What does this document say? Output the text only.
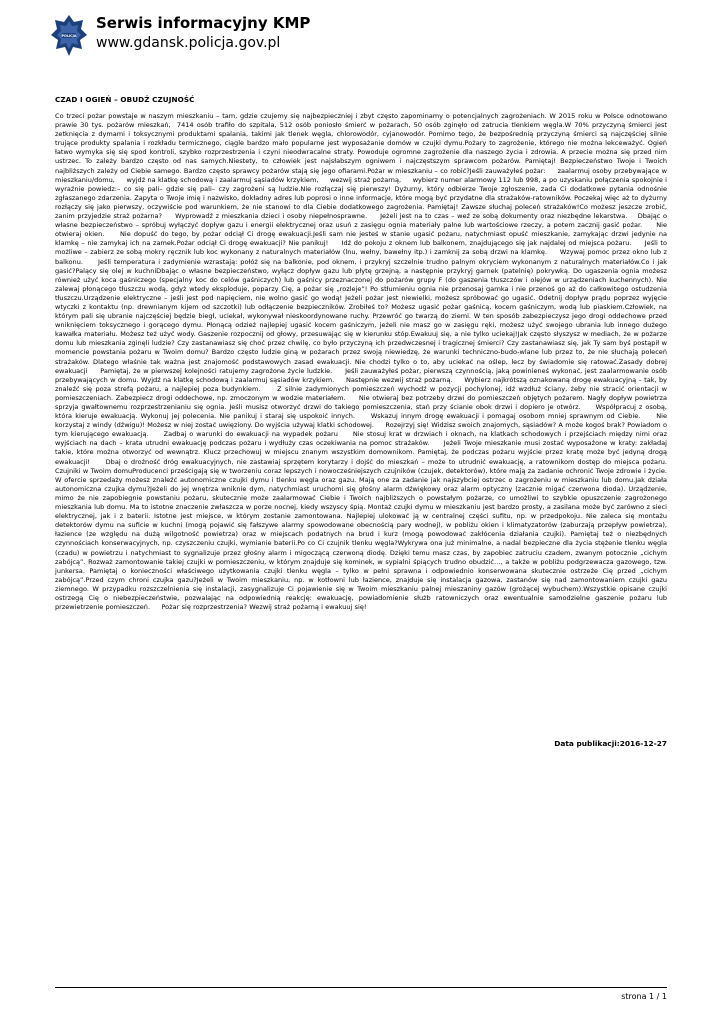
POLICJA
Serwis informacyjny KMP
www.gdansk.policja.gov.pl
CZAD I OGIEŃ – OBUDŹ CZUJNOŚĆ
Co trzeci pożar powstaje w naszym mieszkaniu – tam, gdzie czujemy się najbezpieczniej i zbyt często zapominamy o potencjalnych zagrożeniach. W 2015 roku w Polsce odnotowano prawie 30 tys. pożarów mieszkań,  7414 osób trafiło do szpitala, 512 osób poniosło śmierć w pożarach, 50 osób zginęło od zatrucia tlenkiem węgla.W 70% przyczyną śmierci jest zetknięcia z dymami i toksycznymi produktami spalania, takimi jak tlenek węgla, chlorowodór, cyjanowodór. Pomimo tego, że bezpośrednią przyczyną śmierci są najczęściej silnie trujące produkty spalania i rozkładu termicznego, ciągle bardzo mało popularne jest wyposażanie domów w czujki dymu.Pożary to zagrożenie, którego nie można lekceważyć. Ogień łatwo wymyka się się spod kontroli, szybko rozprzestrzenia i czyni nieodwracalne straty. Powoduje ogromne zagrożenie dla naszego życia i zdrowia. A przecie można się przed nim ustrzec. To zależy bardzo często od nas samych.Niestety, to człowiek jest najsłabszym ogniwem i najczęstszym sprawcom pożarów. Pamiętaj! Bezpieczeństwo Twoje i Twoich najbliższych zależy od Ciebie samego. Bardzo często sprawcy pożarów stają się jego ofiarami.Pożar w mieszkaniu – co robić?Jeśli zauważyłeś pożar:     zaalarmuj osoby przebywające w mieszkaniu/domu,     wyjdź na klatkę schodową i zaalarmuj sąsiadów krzykiem,     wezwij straż pożarną,     wybierz numer alarmowy 112 lub 998, a po uzyskaniu połączenia spokojnie i wyraźnie powiedz:– co się pali– gdzie się pali– czy zagrożeni są ludzie.Nie rozłączaj się pierwszy! Dyżurny, który odbierze Twoje zgłoszenie, zada Ci dodatkowe pytania odnośnie zgłaszanego zdarzenia. Zapyta o Twoje imię i nazwisko, dokładny adres lub poprosi o inne informacje, które mogą być przydatne dla strażaków-ratowników. Poczekaj więc aż to dyżurny rozłączy się jako pierwszy, oczywiście pod warunkiem, że nie stanowi to dla Ciebie dodatkowego zagrożenia. Pamiętaj! Zawsze słuchaj poleceń strażaków!Co możesz jeszcze zrobić, zanim przyjedzie straż pożarna?     Wyprowadź z mieszkania dzieci i osoby niepełnosprawne.     Jeżeli jest na to czas – weź ze sobą dokumenty oraz niezbędne lekarstwa.    Dbając o własne bezpieczeństwo – spróbuj wyłączyć dopływ gazu i energii elektrycznej oraz usuń z zasięgu ognia materiały palne lub wartościowe rzeczy, a potem zacznij gasić pożar.     Nie otwieraj okien.     Nie dopuść do tego, by pożar odciął Ci drogę ewakuacji.Jeśli sam nie jesteś w stanie ugasić pożaru, natychmiast opuść mieszkanie, zamykając drzwi jedynie na klamkę – nie zamykaj ich na zamek.Pożar odciął Ci drogę ewakuacji? Nie panikuj!     Idź do pokoju z oknem lub balkonem, znajdującego się jak najdalej od miejsca pożaru.     Jeśli to możliwe – zabierz ze sobą mokry ręcznik lub koc wykonany z naturalnych materiałów (lnu, wełny, bawełny itp.) i zamknij za sobą drzwi na klamkę.     Wzywaj pomoc przez okno lub z balkonu.     Jeśli temperatura i zadymienie wzrastają: połóż się na balkonie, pod oknem, i przykryj szczelnie trudno palnym okryciem wykonanym z naturalnych materiałów.Co i jak gasić?Palący się olej w kuchniDbając o własne bezpieczeństwo, wyłącz dopływ gazu lub płytę grzejną, a następnie przykryj garnek (patelnię) pokrywką. Do ugaszenia ognia możesz również użyć koca gaśniczego (specjalny koc do celów gaśniczych) lub gaśnicy przeznaczonej do pożarów grupy F (do gaszenia tłuszczów i olejów w urządzeniach kuchennych). Nie zalewaj płonącego tłuszczu wodą, gdyż wtedy eksploduje, poparzy Cię, a pożar się „rozleje”! Po stłumieniu ognia nie przenosaj garnka i nie przenoś go aż do całkowitego ostudzenia tłuszczu.Urządzenie elektryczne – jeśli jest pod napięciem, nie wolno gasić go wodą! Jeżeli pożar jest niewielki, możesz spróbować go ugasić. Odetnij dopływ prądu poprzez wyjęcie wtyczki z kontaktu (np. drewnianym kijem od szczotki) lub odłączenie bezpieczników. Zrobiłeś to? Możesz ugasić pożar gaśnicą, kocem gaśniczym, wodą lub piaskiem.Człowiek, na którym pali się ubranie najczęściej będzie biegł, uciekał, wykonywał nieskoordynowane ruchy. Przewróć go twarzą do ziemi. W ten sposób zabezpieczysz jego drogi oddechowe przed wniknięciem toksycznego i gorącego dymu. Płonącą odzież najlepiej ugasić kocem gaśniczym, jeżeli nie masz go w zasięgu ręki, możesz użyć swojego ubrania lub innego dużego kawałka materiału. Możesz też użyć wody. Gaszenie rozpocznij od głowy, przesuwając się w kierunku stóp.Ewakuuj się, a nie tylko uciekaj!Jak często słyszysz w mediach, że w pożarze domu lub mieszkania zginęli ludzie? Czy zastanawiasz się choć przez chwilę, co było przyczyną ich przedwczesnej i tragicznej śmierci? Czy zastanawiasz się, jak Ty sam byś postąpił w momencie powstania pożaru w Twoim domu? Bardzo często ludzie giną w pożarach przez swoją niewiedzę, że warunki techniczno-budo-wlane lub przez to, że nie słuchają poleceń strażaków. Dlatego właśnie tak ważna jest znajomość podstawowych zasad ewakuacji. Nie chodzi tylko o to, aby uciekać na oślep, lecz by świadomie się ratować.Zasady dobrej ewakuacji     Pamiętaj, że w pierwszej kolejności ratujemy zagrożone życie ludzkie.     Jeśli zauważyłeś pożar, pierwszą czynnością, jaką powinieneś wykonać, jest zaalarmowanie osób przebywających w domu. Wyjdź na klatkę schodową i zaalarmuj sąsiadów krzykiem.     Następnie wezwij straż pożarną.     Wybierz najkrótszą oznakowaną drogę ewakuacyjną – tak, by znaleźć się poza strefą pożaru, a najlepiej poza budynkiem.     Z silnie zadymionych pomieszczeń wychodź w pozycji pochylonej, idź wzdłuż ściany, żeby nie stracić orientacji w pomieszczeniach. Zabezpiecz drogi oddechowe, np. zmoczonym w wodzie materiałem.     Nie otwieraj bez potrzeby drzwi do pomieszczeń objętych pożarem. Nagły dopływ powietrza sprzyja gwałtownemu rozprzestrzenianiu się ognia. Jeśli musisz otworzyć drzwi do takiego pomieszczenia, stań przy ścianie obok drzwi i dopiero je otwórz.     Współpracuj z osobą, która kieruje ewakuacją. Wykonuj jej polecenia. Nie panikuj i staraj się uspokoić innych.     Wskazuj innym drogę ewakuacji i pomagaj osobom mniej sprawnym od Ciebie.     Nie korzystaj z windy (dźwigu)! Możesz w niej zostać uwięziony. Do wyjścia używaj klatki schodowej.     Rozejrzyj się! Widzisz swoich znajomych, sąsiadów? A może kogoś brak? Powiadom o tym kierującego ewakuacją.     Zadbaj o warunki do ewakuacji na wypadek pożaru     Nie stosuj krat w drzwiach i oknach, na klatkach schodowych i przejściach między nimi oraz wyjściach na dach – krata utrudni ewakuację podczas pożaru i wydłuży czas oczekiwania na pomoc strażaków.     Jeżeli Twoje mieszkanie musi zostać wyposażone w kraty: zakładaj takie, które można otworzyć od wewnątrz. Klucz przechowuj w miejscu znanym wszystkim domownikom. Pamiętaj, że podczas pożaru wyjście przez kratę może być jedyną drogą ewakuacji!     Dbaj o drożność dróg ewakuacyjnych, nie zastawiaj sprzętem korytarzy i dojść do mieszkań – może to utrudnić ewakuację, a ratownikom dostęp do miejsca pożaru.     Czujniki w Twoim domuProducenci prześcigają się w tworzeniu coraz lepszych i nowocześniejszych czujników (czujek, detektorów), które mają za zadanie ochronić Twoje zdrowie i życie. W ofercie sprzedaży możesz znaleźć autonomiczne czujki dymu i tlenku węgla oraz gazu. Mają one za zadanie jak najszybciej ostrzec o zagrożeniu w mieszkaniu lub domu.Jak działa autonomiczna czujka dymu?Jeżeli do jej wnętrza wniknie dym, natychmiast uruchomi się głośny alarm dźwiękowy oraz alarm optyczny (zacznie migać czerwona dioda). Urządzenie, mimo że nie zapobiegnie powstaniu pożaru, skutecznie może zaalarmować Ciebie i Twoich najbliższych o powstałym pożarze, co umożliwi to szybkie opuszczenie zagrożonego mieszkania lub domu. Ma to istotne znaczenie zwłaszcza w porze nocnej, kiedy wszyscy śpią. Montaż czujki dymu w mieszkaniu jest bardzo prosty, a zasilana może być zarówno z sieci elektrycznej, jak i z baterii. Istotne jest miejsce, w którym zostanie zamontowana. Najlepiej ulokować ją w centralnej części sufitu, np. w przedpokoju. Nie zaleca się montażu detektorów dymu na suficie w kuchni (mogą pojawić się fałszywe alarmy spowodowane obecnością pary wodnej), w pobliżu okien i klimatyzatorów (zaburzają przepływ powietrza), łazience (ze względu na dużą wilgotność powietrza) oraz w miejscach podatnych na brud i kurz (mogą powodować zakłócenia działania czujki). Pamiętaj też o niezbędnych czynnościach konserwacyjnych, np. czyszczeniu czujki, wymianie baterii.Po co Ci czujnik tlenku węgla?Wykrywa ona już minimalne, a nadal bezpieczne dla życia stężenie tlenku węgla (czadu) w powietrzu i natychmiast to sygnalizuje przez głośny alarm i migoczącą czerwoną diodę. Dzięki temu masz czas, by zapobiec zatruciu czadem, zwanym potocznie „cichym zabójcą”. Rozważ zamontowanie takiej czujki w pomieszczeniu, w którym znajduje się kominek, w sypialni śpiących trudno obudzić…, a także w pobliżu podgrzewacza gazowego, tzw. junkersa. Pamiętaj o konieczności właściwego użytkowania czujki tlenku węgla – tylko w pełni sprawna i odpowiednio konserwowana skutecznie ostrzeże Cię przed „cichym zabójcą”.Przed czym chroni czujka gazu?Jeżeli w Twoim mieszkaniu, np. w kotłowni lub łazience, znajduje się instalacja gazowa, zastanów się nad zamontowaniem czujki gazu ziemnego. W przypadku rozszczelnienia się instalacji, zasygnalizuje Ci pojawienie się w Twoim mieszkaniu palnej mieszaniny gazów (grożącej wybuchem).Wszystkie opisane czujki ostrzegą Cię o niebezpieczeństwie, pozwalając na odpowiednią reakcję: ewakuację, powiadomienie służb ratowniczych oraz ewentualnie samodzielne gaszenie pożaru lub przewietrzenie pomieszczeń.     Pożar się rozprzestrzenia? Wezwij straż pożarną i ewakuuj się!
Data publikacji:2016-12-27
strona 1 / 1
